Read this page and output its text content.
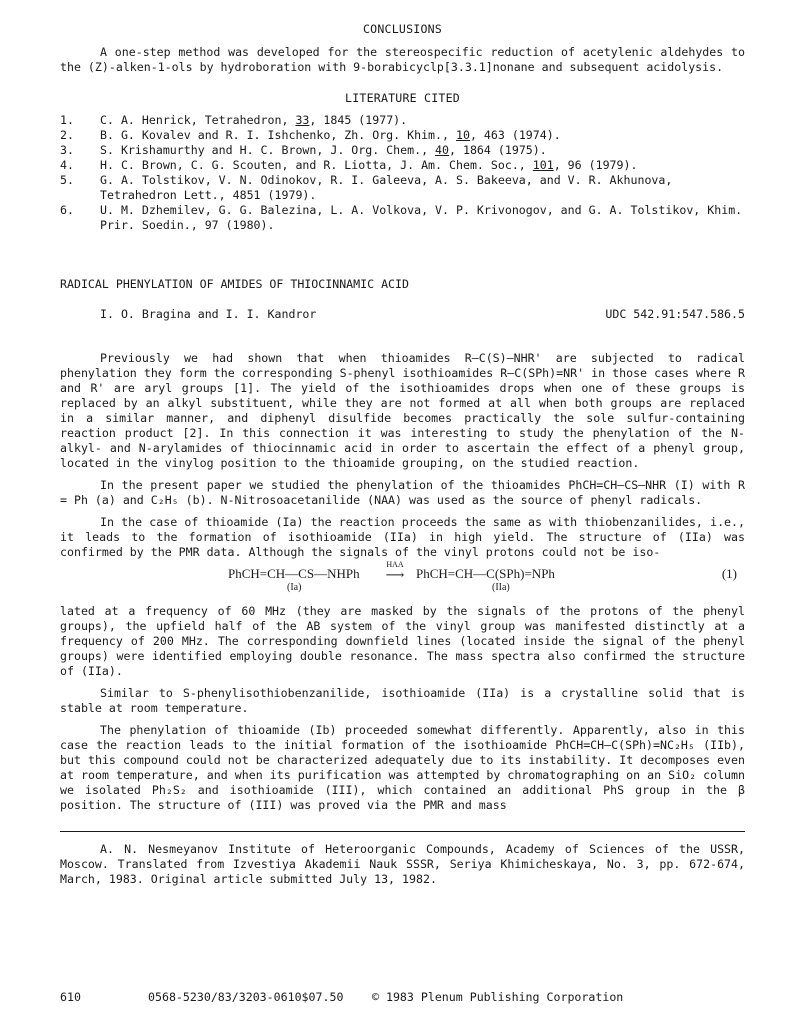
CONCLUSIONS

A one-step method was developed for the stereospecific reduction of acetylenic aldehydes to the (Z)-alken-1-ols by hydroboration with 9-borabicyclp[3.3.1]nonane and subsequent acidolysis.

LITERATURE CITED
1.	C. A. Henrick, Tetrahedron, 33, 1845 (1977).
2.	B. G. Kovalev and R. I. Ishchenko, Zh. Org. Khim., 10, 463 (1974).
3.	S. Krishamurthy and H. C. Brown, J. Org. Chem., 40, 1864 (1975).
4.	H. C. Brown, C. G. Scouten, and R. Liotta, J. Am. Chem. Soc., 101, 96 (1979).
5.	G. A. Tolstikov, V. N. Odinokov, R. I. Galeeva, A. S. Bakeeva, and V. R. Akhunova, Tetrahedron Lett., 4851 (1979).
6.	U. M. Dzhemilev, G. G. Balezina, L. A. Volkova, V. P. Krivonogov, and G. A. Tolstikov, Khim. Prir. Soedin., 97 (1980).
RADICAL PHENYLATION OF AMIDES OF THIOCINNAMIC ACID
I. O. Bragina and I. I. Kandror	UDC 542.91:547.586.5

Previously we had shown that when thioamides R—C(S)—NHR' are subjected to radical phenylation they form the corresponding S-phenyl isothioamides R—C(SPh)=NR' in those cases where R and R' are aryl groups [1]. The yield of the isothioamides drops when one of these groups is replaced by an alkyl substituent, while they are not formed at all when both groups are replaced in a similar manner, and diphenyl disulfide becomes practically the sole sulfur-containing reaction product [2]. In this connection it was interesting to study the phenylation of the N-alkyl- and N-arylamides of thiocinnamic acid in order to ascertain the effect of a phenyl group, located in the vinylog position to the thioamide grouping, on the studied reaction.

In the present paper we studied the phenylation of the thioamides PhCH=CH—CS—NHR (I) with R = Ph (a) and C₂H₅ (b). N-Nitrosoacetanilide (NAA) was used as the source of phenyl radicals.

In the case of thioamide (Ia) the reaction proceeds the same as with thiobenzanilides, i.e., it leads to the formation of isothioamide (IIa) in high yield. The structure of (IIa) was confirmed by the PMR data. Although the signals of the vinyl protons could not be iso-

PhCH=CH—CS—NHPh
(Ia)
HAA
⟶ PhCH=CH—C(SPh)=NPh
(IIa)
(1)

lated at a frequency of 60 MHz (they are masked by the signals of the protons of the phenyl groups), the upfield half of the AB system of the vinyl group was manifested distinctly at a frequency of 200 MHz. The corresponding downfield lines (located inside the signal of the phenyl groups) were identified employing double resonance. The mass spectra also confirmed the structure of (IIa).

Similar to S-phenylisothiobenzanilide, isothioamide (IIa) is a crystalline solid that is stable at room temperature.

The phenylation of thioamide (Ib) proceeded somewhat differently. Apparently, also in this case the reaction leads to the initial formation of the isothioamide PhCH=CH—C(SPh)=NC₂H₅ (IIb), but this compound could not be characterized adequately due to its instability. It decomposes even at room temperature, and when its purification was attempted by chromatographing on an SiO₂ column we isolated Ph₂S₂ and isothioamide (III), which contained an additional PhS group in the β position. The structure of (III) was proved via the PMR and mass

A. N. Nesmeyanov Institute of Heteroorganic Compounds, Academy of Sciences of the USSR, Moscow. Translated from Izvestiya Akademii Nauk SSSR, Seriya Khimicheskaya, No. 3, pp. 672-674, March, 1983. Original article submitted July 13, 1982.

610	0568-5230/83/3203-0610$07.50	© 1983 Plenum Publishing Corporation
